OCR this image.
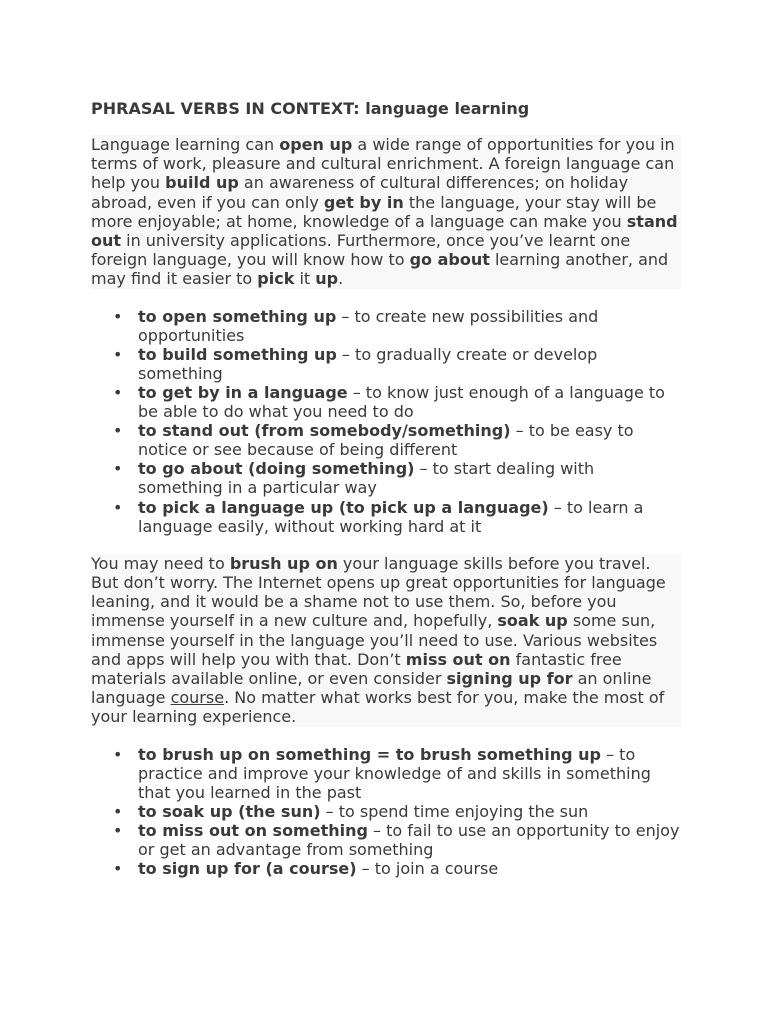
PHRASAL VERBS IN CONTEXT: language learning

Language learning can open up a wide range of opportunities for you in terms of work, pleasure and cultural enrichment. A foreign language can help you build up an awareness of cultural differences; on holiday abroad, even if you can only get by in the language, your stay will be more enjoyable; at home, knowledge of a language can make you stand out in university applications. Furthermore, once you’ve learnt one foreign language, you will know how to go about learning another, and may find it easier to pick it up.

• to open something up – to create new possibilities and opportunities
• to build something up – to gradually create or develop something
• to get by in a language – to know just enough of a language to be able to do what you need to do
• to stand out (from somebody/something) – to be easy to notice or see because of being different
• to go about (doing something) – to start dealing with something in a particular way
• to pick a language up (to pick up a language) – to learn a language easily, without working hard at it

You may need to brush up on your language skills before you travel. But don’t worry. The Internet opens up great opportunities for language leaning, and it would be a shame not to use them. So, before you immense yourself in a new culture and, hopefully, soak up some sun, immense yourself in the language you’ll need to use. Various websites and apps will help you with that. Don’t miss out on fantastic free materials available online, or even consider signing up for an online language course. No matter what works best for you, make the most of your learning experience.

• to brush up on something = to brush something up – to practice and improve your knowledge of and skills in something that you learned in the past
• to soak up (the sun) – to spend time enjoying the sun
• to miss out on something – to fail to use an opportunity to enjoy or get an advantage from something
• to sign up for (a course) – to join a course
